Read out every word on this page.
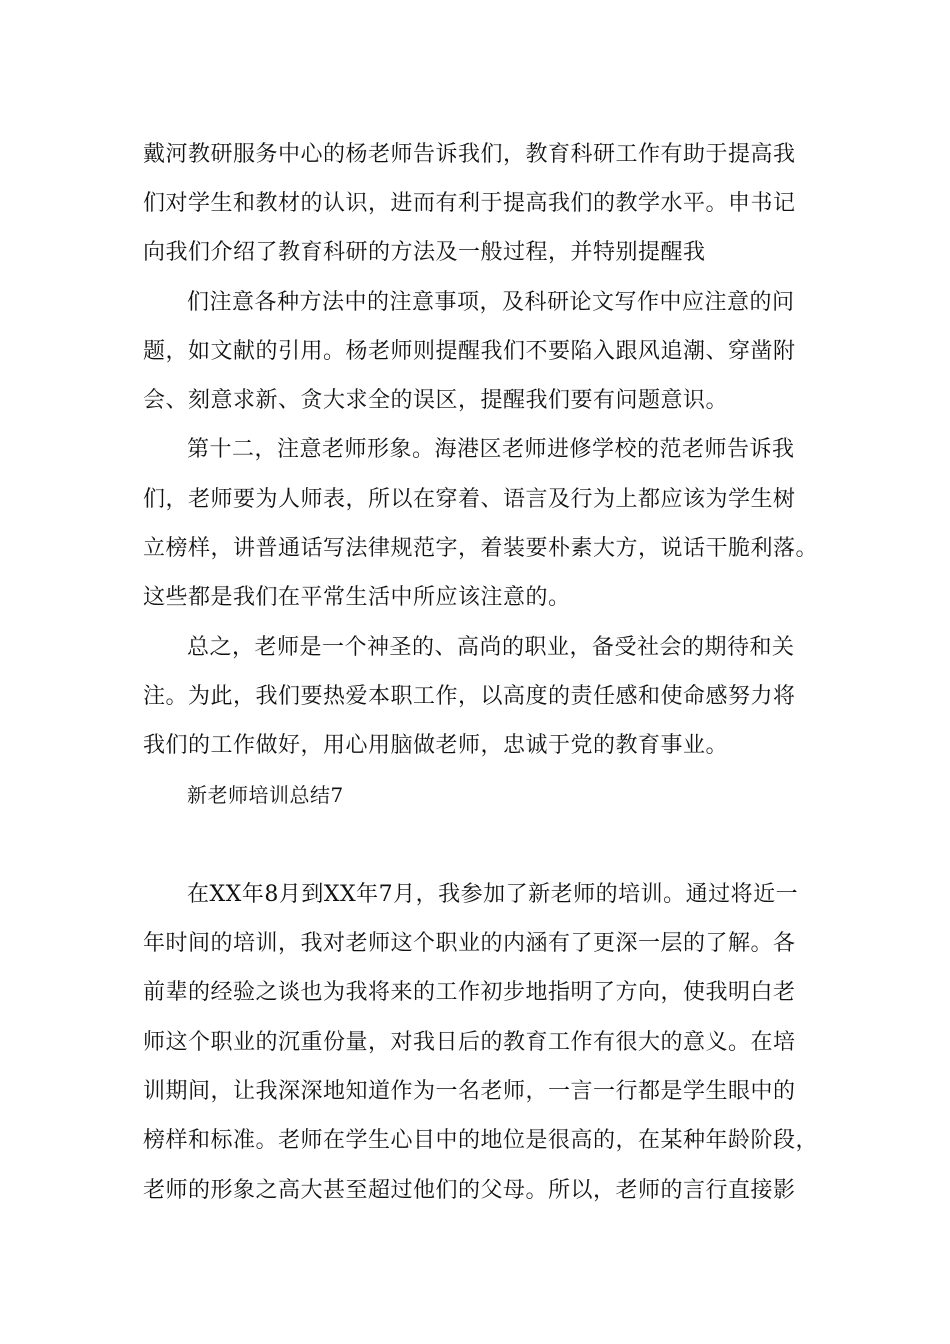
戴河教研服务中心的杨老师告诉我们，教育科研工作有助于提高我
们对学生和教材的认识，进而有利于提高我们的教学水平。申书记
向我们介绍了教育科研的方法及一般过程，并特别提醒我
们注意各种方法中的注意事项，及科研论文写作中应注意的问
题，如文献的引用。杨老师则提醒我们不要陷入跟风追潮、穿凿附
会、刻意求新、贪大求全的误区，提醒我们要有问题意识。
第十二，注意老师形象。海港区老师进修学校的范老师告诉我
们，老师要为人师表，所以在穿着、语言及行为上都应该为学生树
立榜样，讲普通话写法律规范字，着装要朴素大方，说话干脆利落。
这些都是我们在平常生活中所应该注意的。
总之，老师是一个神圣的、高尚的职业，备受社会的期待和关
注。为此，我们要热爱本职工作，以高度的责任感和使命感努力将
我们的工作做好，用心用脑做老师，忠诚于党的教育事业。
新老师培训总结7
在XX年8月到XX年7月，我参加了新老师的培训。通过将近一
年时间的培训，我对老师这个职业的内涵有了更深一层的了解。各
前辈的经验之谈也为我将来的工作初步地指明了方向，使我明白老
师这个职业的沉重份量，对我日后的教育工作有很大的意义。在培
训期间，让我深深地知道作为一名老师，一言一行都是学生眼中的
榜样和标准。老师在学生心目中的地位是很高的，在某种年龄阶段，
老师的形象之高大甚至超过他们的父母。所以，老师的言行直接影
